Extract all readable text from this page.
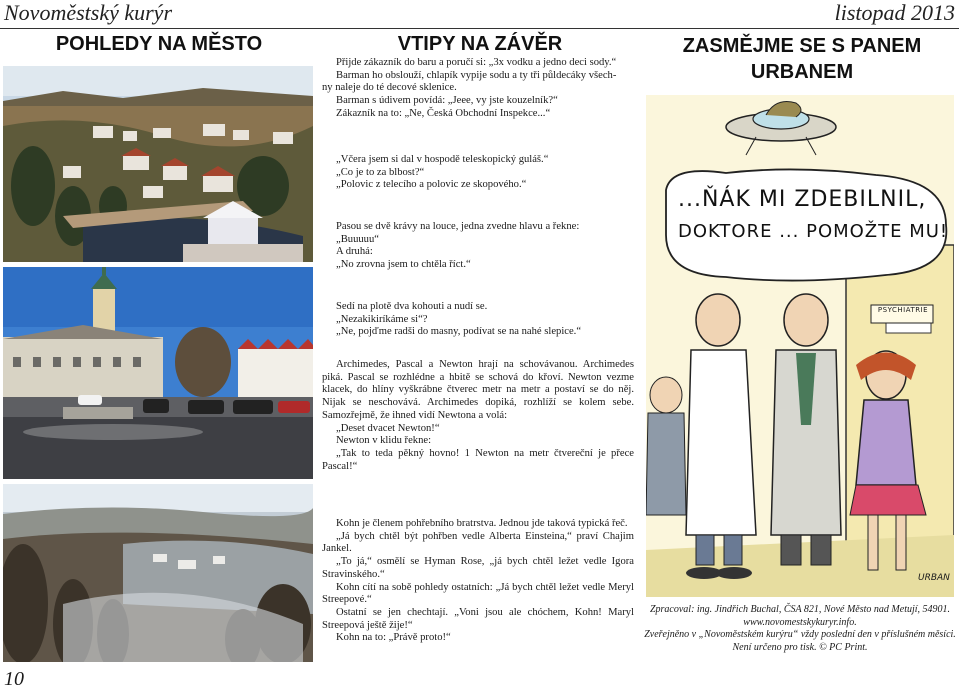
Novoměstský kurýr	listopad 2013
POHLEDY NA MĚSTO	VTIPY NA ZÁVĚR	ZASMĚJME SE S PANEM
URBANEM

Přijde zákazník do baru a poručí si: „3x vodku a jedno deci sody.“

Barman ho obslouží, chlapík vypije sodu a ty tři půldecáky všech-

ny naleje do té decové sklenice.

Barman s údivem povídá: „Jeee, vy jste kouzelník?“

Zákazník na to: „Ne, Česká Obchodní Inspekce...“

„Včera jsem si dal v hospodě teleskopický guláš.“

„Co je to za blbost?“

„Polovic z telecího a polovic ze skopového.“

Pasou se dvě krávy na louce, jedna zvedne hlavu a řekne:

„Buuuuu“

A druhá:

„No zrovna jsem to chtěla říct.“

Sedí na plotě dva kohouti a nudí se.

„Nezakikiríkáme si“?

„Ne, pojďme radši do masny, podívat se na nahé slepice.“

Archimedes, Pascal a Newton hrají na schovávanou. Archimedes piká. Pascal se rozhlédne a hbitě se schová do křoví. Newton vezme klacek, do hlíny vyškrábne čtverec metr na metr a postaví se do něj. Nijak se neschovává. Archimedes dopiká, rozhlíží se kolem sebe. Samozřejmě, že ihned vidí Newtona a volá:

„Deset dvacet Newton!“

Newton v klidu řekne:

„Tak to teda pěkný hovno! 1 Newton na metr čtvereční je přece Pascal!“

Kohn je členem pohřebního bratrstva. Jednou jde taková typická řeč.

„Já bych chtěl být pohřben vedle Alberta Einsteina,“ praví Chajim Jankel.

„To já,“ osmělí se Hyman Rose, „já bych chtěl ležet vedle Igora Stravinského.“

Kohn cítí na sobě pohledy ostatních: „Já bych chtěl ležet vedle Meryl Streepové.“

Ostatní se jen chechtají. „Voni jsou ale chóchem, Kohn! Maryl Streepová ještě žije!“

Kohn na to: „Právě proto!“

...ŇÁK MI ZDEBILNIL,
DOKTORE ... POMOŽTE MU!
PSYCHIATRIE
URBAN

Zpracoval: ing. Jindřich Buchal, ČSA 821, Nové Město nad Metují, 54901.

www.novomestskykuryr.info.

Zveřejněno v „Novoměstském kurýru“ vždy poslední den v příslušném měsíci.

Není určeno pro tisk. © PC Print.

10
